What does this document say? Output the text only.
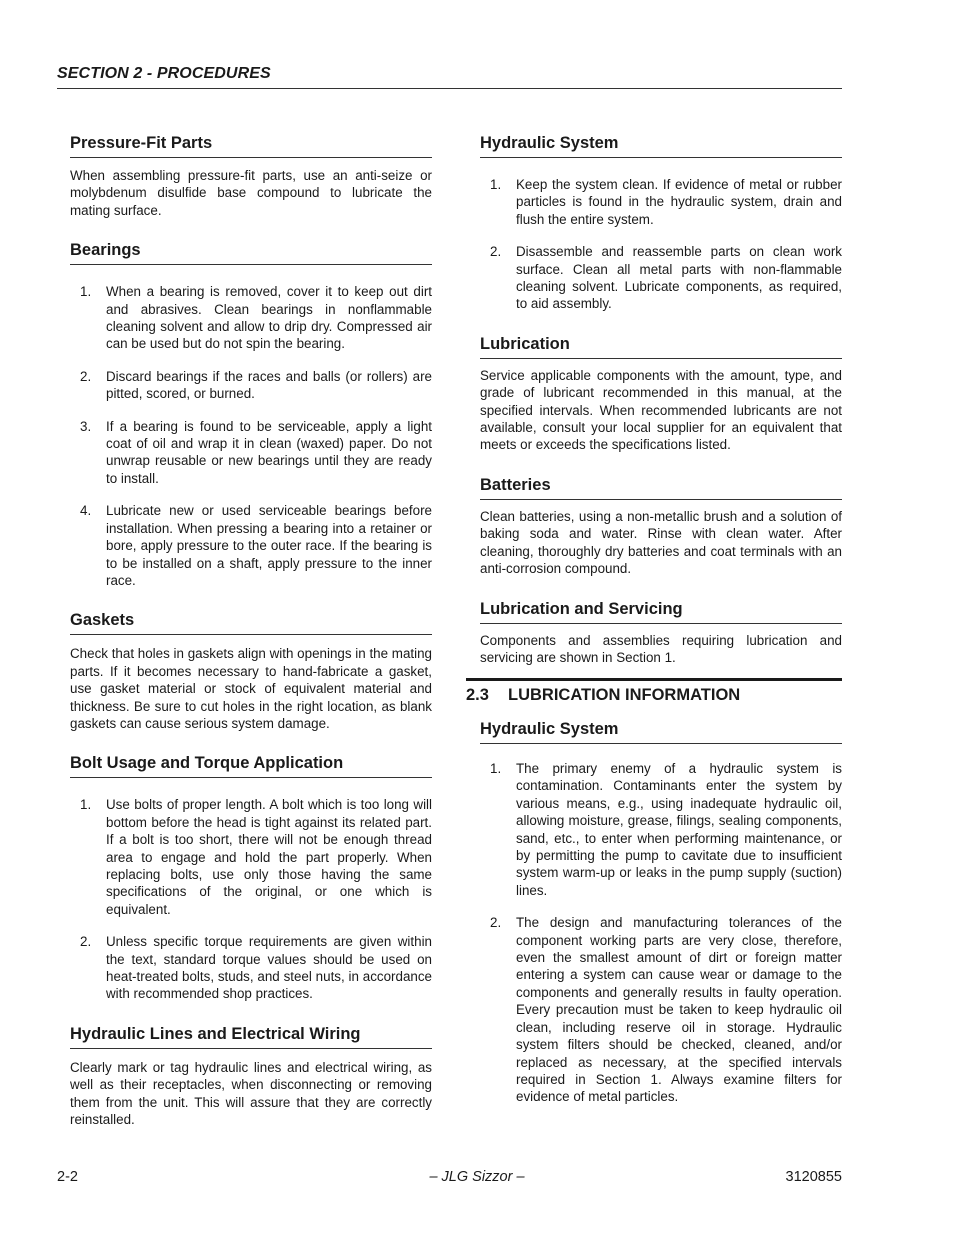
SECTION 2 - PROCEDURES
Pressure-Fit Parts

When assembling pressure-fit parts, use an anti-seize or molybdenum disulfide base compound to lubricate the mating surface.

Bearings
1. When a bearing is removed, cover it to keep out dirt and abrasives. Clean bearings in nonflammable cleaning solvent and allow to drip dry. Compressed air can be used but do not spin the bearing.
2. Discard bearings if the races and balls (or rollers) are pitted, scored, or burned.
3. If a bearing is found to be serviceable, apply a light coat of oil and wrap it in clean (waxed) paper. Do not unwrap reusable or new bearings until they are ready to install.
4. Lubricate new or used serviceable bearings before installation. When pressing a bearing into a retainer or bore, apply pressure to the outer race. If the bearing is to be installed on a shaft, apply pressure to the inner race.
Gaskets

Check that holes in gaskets align with openings in the mating parts. If it becomes necessary to hand-fabricate a gasket, use gasket material or stock of equivalent material and thickness. Be sure to cut holes in the right location, as blank gaskets can cause serious system damage.

Bolt Usage and Torque Application
1. Use bolts of proper length. A bolt which is too long will bottom before the head is tight against its related part. If a bolt is too short, there will not be enough thread area to engage and hold the part properly. When replacing bolts, use only those having the same specifications of the original, or one which is equivalent.
2. Unless specific torque requirements are given within the text, standard torque values should be used on heat-treated bolts, studs, and steel nuts, in accordance with recommended shop practices.
Hydraulic Lines and Electrical Wiring

Clearly mark or tag hydraulic lines and electrical wiring, as well as their receptacles, when disconnecting or removing them from the unit. This will assure that they are correctly reinstalled.

Hydraulic System
1. Keep the system clean. If evidence of metal or rubber particles is found in the hydraulic system, drain and flush the entire system.
2. Disassemble and reassemble parts on clean work surface. Clean all metal parts with non-flammable cleaning solvent. Lubricate components, as required, to aid assembly.
Lubrication

Service applicable components with the amount, type, and grade of lubricant recommended in this manual, at the specified intervals. When recommended lubricants are not available, consult your local supplier for an equivalent that meets or exceeds the specifications listed.

Batteries

Clean batteries, using a non-metallic brush and a solution of baking soda and water. Rinse with clean water. After cleaning, thoroughly dry batteries and coat terminals with an anti-corrosion compound.

Lubrication and Servicing

Components and assemblies requiring lubrication and servicing are shown in Section 1.

2.3 LUBRICATION INFORMATION
Hydraulic System
1. The primary enemy of a hydraulic system is contamination. Contaminants enter the system by various means, e.g., using inadequate hydraulic oil, allowing moisture, grease, filings, sealing components, sand, etc., to enter when performing maintenance, or by permitting the pump to cavitate due to insufficient system warm-up or leaks in the pump supply (suction) lines.
2. The design and manufacturing tolerances of the component working parts are very close, therefore, even the smallest amount of dirt or foreign matter entering a system can cause wear or damage to the components and generally results in faulty operation. Every precaution must be taken to keep hydraulic oil clean, including reserve oil in storage. Hydraulic system filters should be checked, cleaned, and/or replaced as necessary, at the specified intervals required in Section 1. Always examine filters for evidence of metal particles.
2-2	– JLG Sizzor –	3120855
